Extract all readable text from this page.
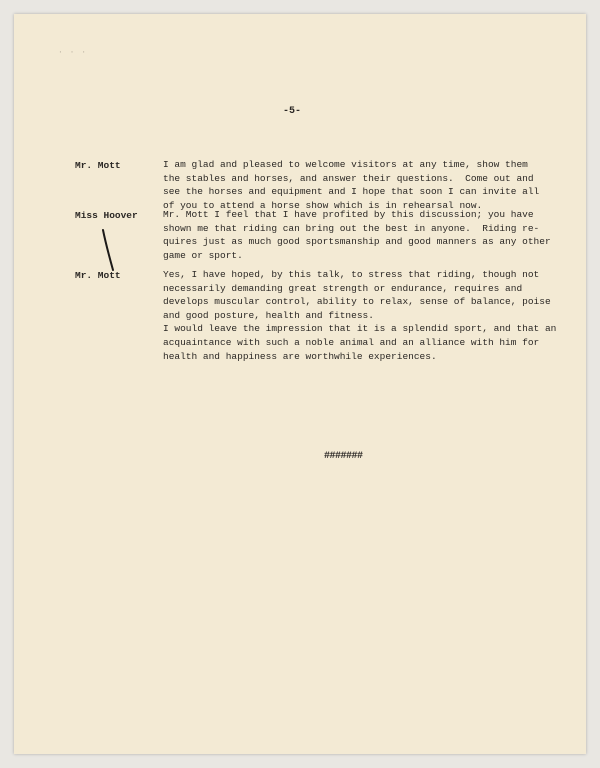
· · ·
-5-
Mr. Mott	I am glad and pleased to welcome visitors at any time, show them
the stables and horses, and answer their questions.  Come out and
see the horses and equipment and I hope that soon I can invite all
of you to attend a horse show which is in rehearsal now.
Miss Hoover	Mr. Mott I feel that I have profited by this discussion; you have
shown me that riding can bring out the best in anyone.  Riding re-
quires just as much good sportsmanship and good manners as any other
game or sport.
Mr. Mott	Yes, I have hoped, by this talk, to stress that riding, though not
necessarily demanding great strength or endurance, requires and
develops muscular control, ability to relax, sense of balance, poise
and good posture, health and fitness.
I would leave the impression that it is a splendid sport, and that an
acquaintance with such a noble animal and an alliance with him for
health and happiness are worthwhile experiences.
#######
